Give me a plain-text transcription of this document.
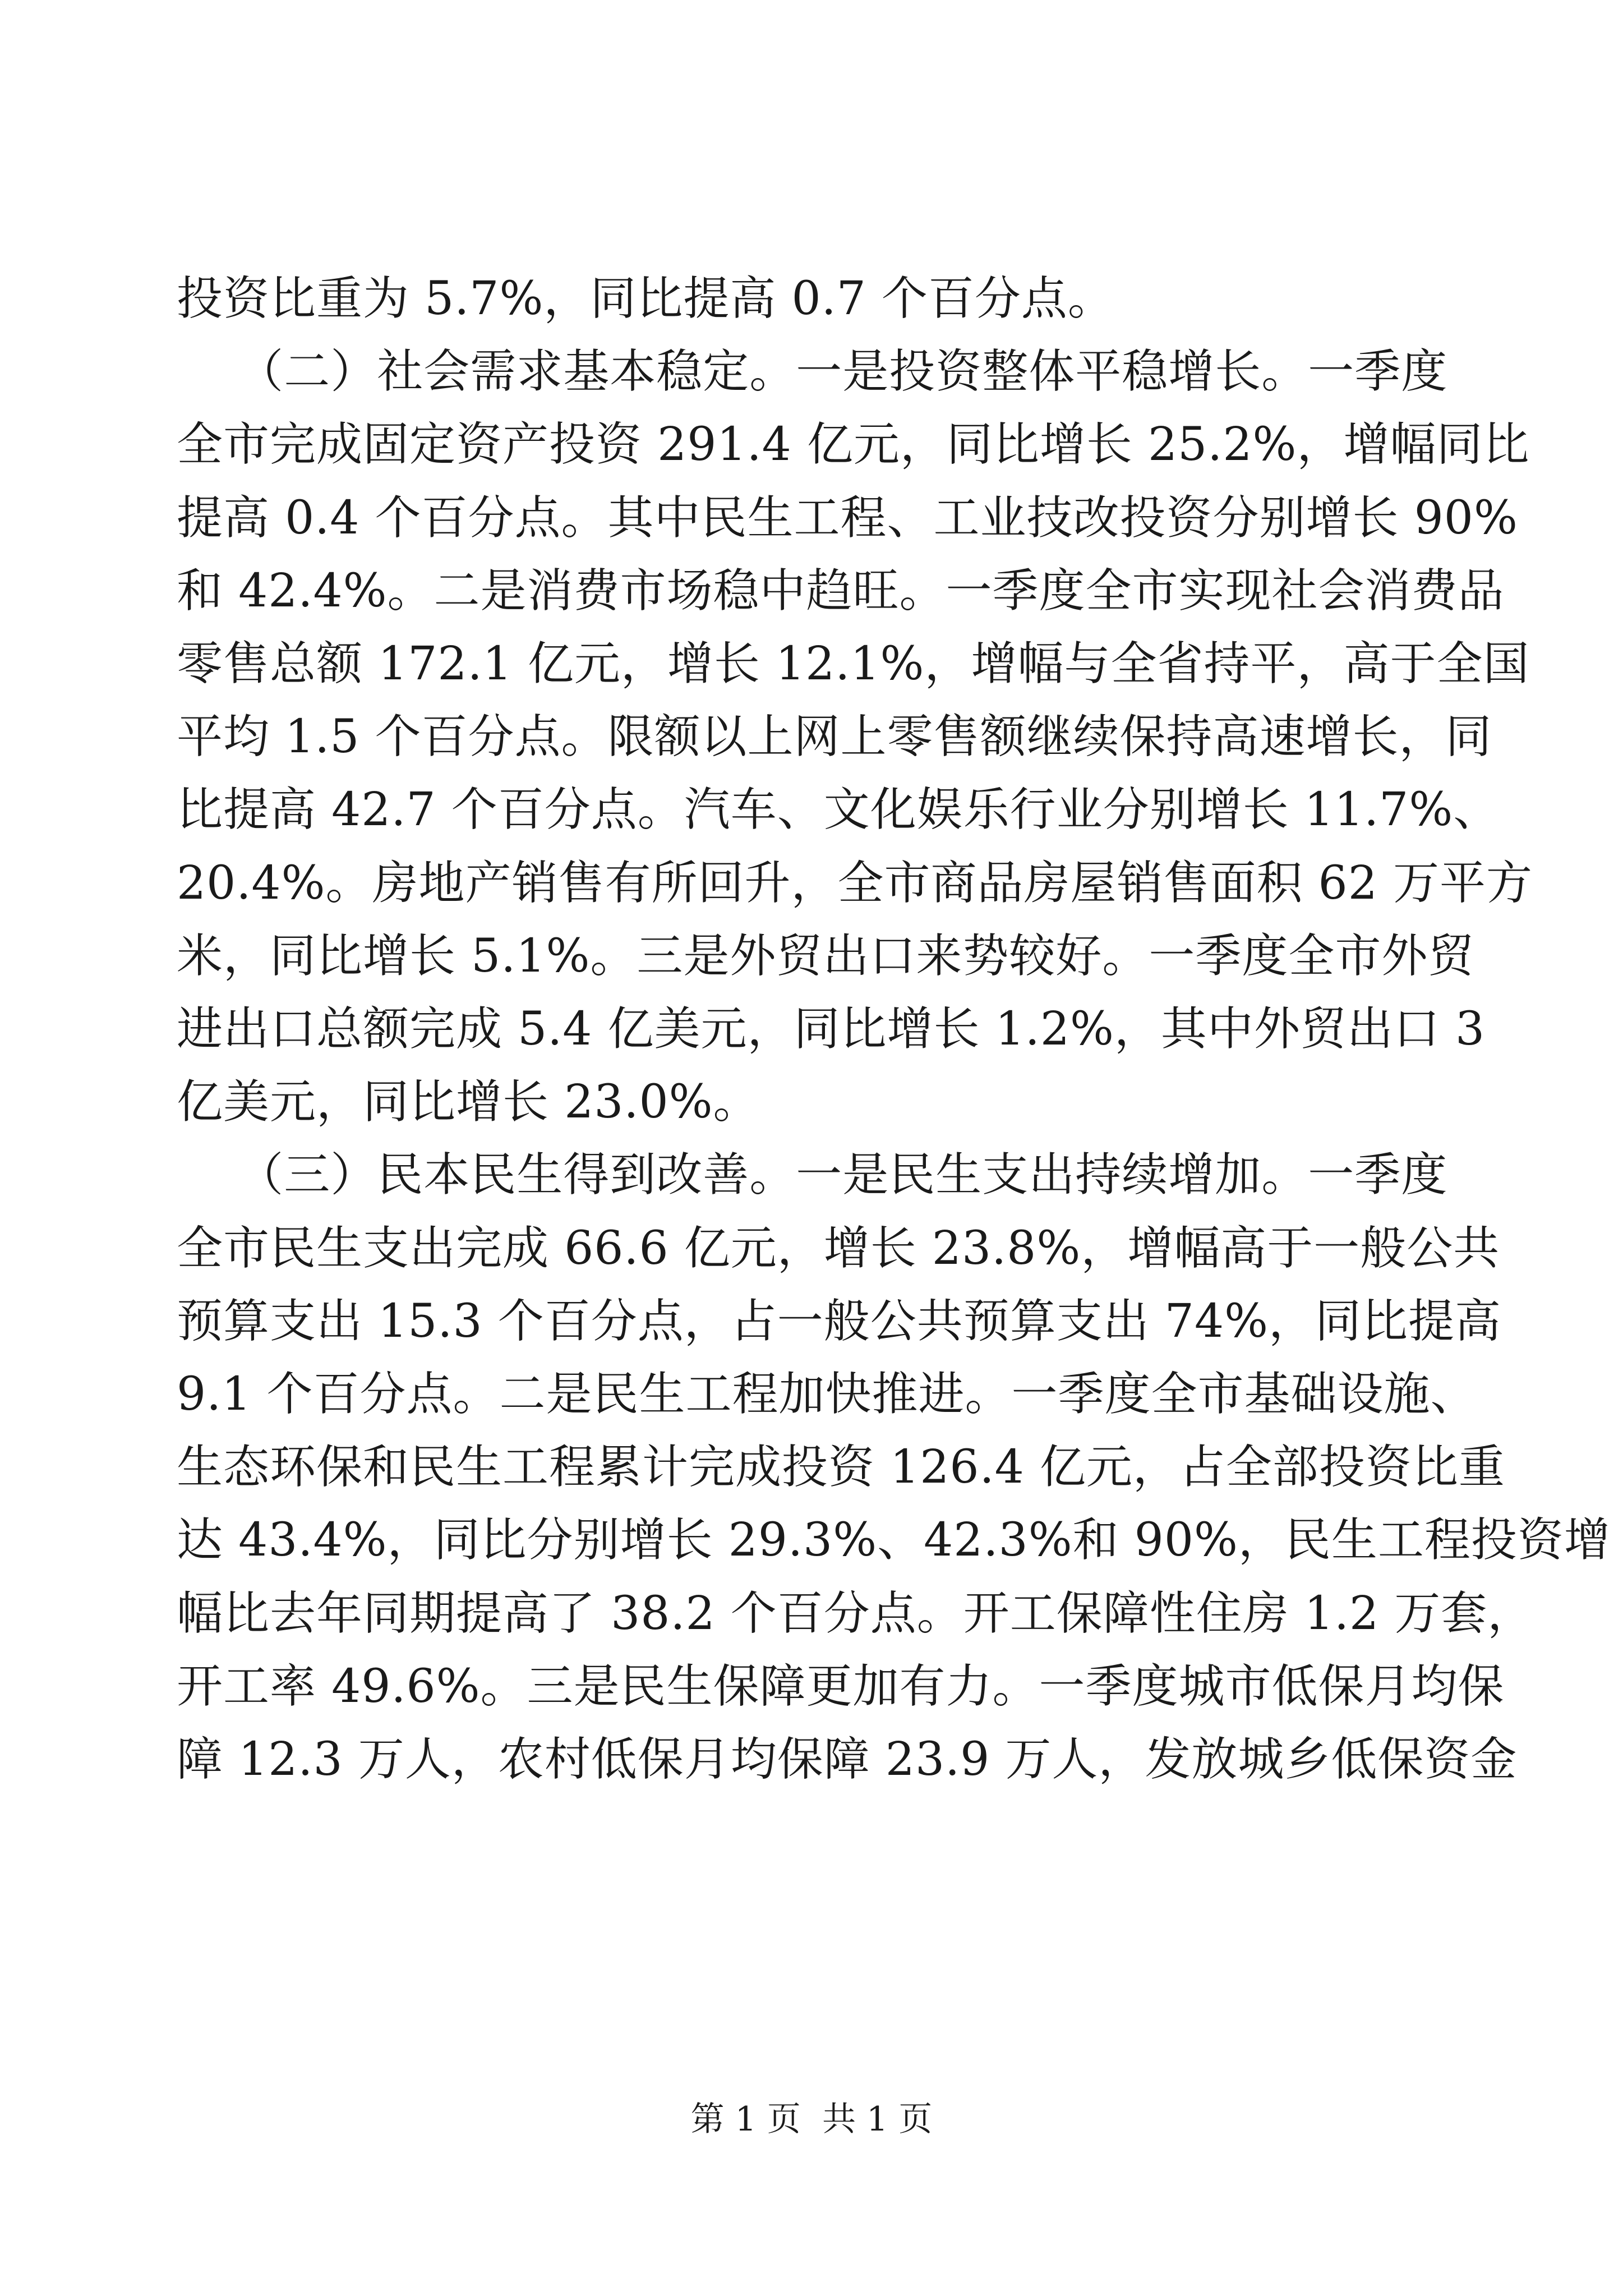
投资比重为 5.7%，同比提高 0.7 个百分点。
（二）社会需求基本稳定。一是投资整体平稳增长。一季度
全市完成固定资产投资 291.4 亿元，同比增长 25.2%，增幅同比
提高 0.4 个百分点。其中民生工程、工业技改投资分别增长 90%
和 42.4%。二是消费市场稳中趋旺。一季度全市实现社会消费品
零售总额 172.1 亿元，增长 12.1%，增幅与全省持平，高于全国
平均 1.5 个百分点。限额以上网上零售额继续保持高速增长，同
比提高 42.7 个百分点。汽车、文化娱乐行业分别增长 11.7%、
20.4%。房地产销售有所回升，全市商品房屋销售面积 62 万平方
米，同比增长 5.1%。三是外贸出口来势较好。一季度全市外贸
进出口总额完成 5.4 亿美元，同比增长 1.2%，其中外贸出口 3
亿美元，同比增长 23.0%。
（三）民本民生得到改善。一是民生支出持续增加。一季度
全市民生支出完成 66.6 亿元，增长 23.8%，增幅高于一般公共
预算支出 15.3 个百分点，占一般公共预算支出 74%，同比提高
9.1 个百分点。二是民生工程加快推进。一季度全市基础设施、
生态环保和民生工程累计完成投资 126.4 亿元，占全部投资比重
达 43.4%，同比分别增长 29.3%、42.3%和 90%，民生工程投资增
幅比去年同期提高了 38.2 个百分点。开工保障性住房 1.2 万套，
开工率 49.6%。三是民生保障更加有力。一季度城市低保月均保
障 12.3 万人，农村低保月均保障 23.9 万人，发放城乡低保资金
第 1 页  共 1 页
